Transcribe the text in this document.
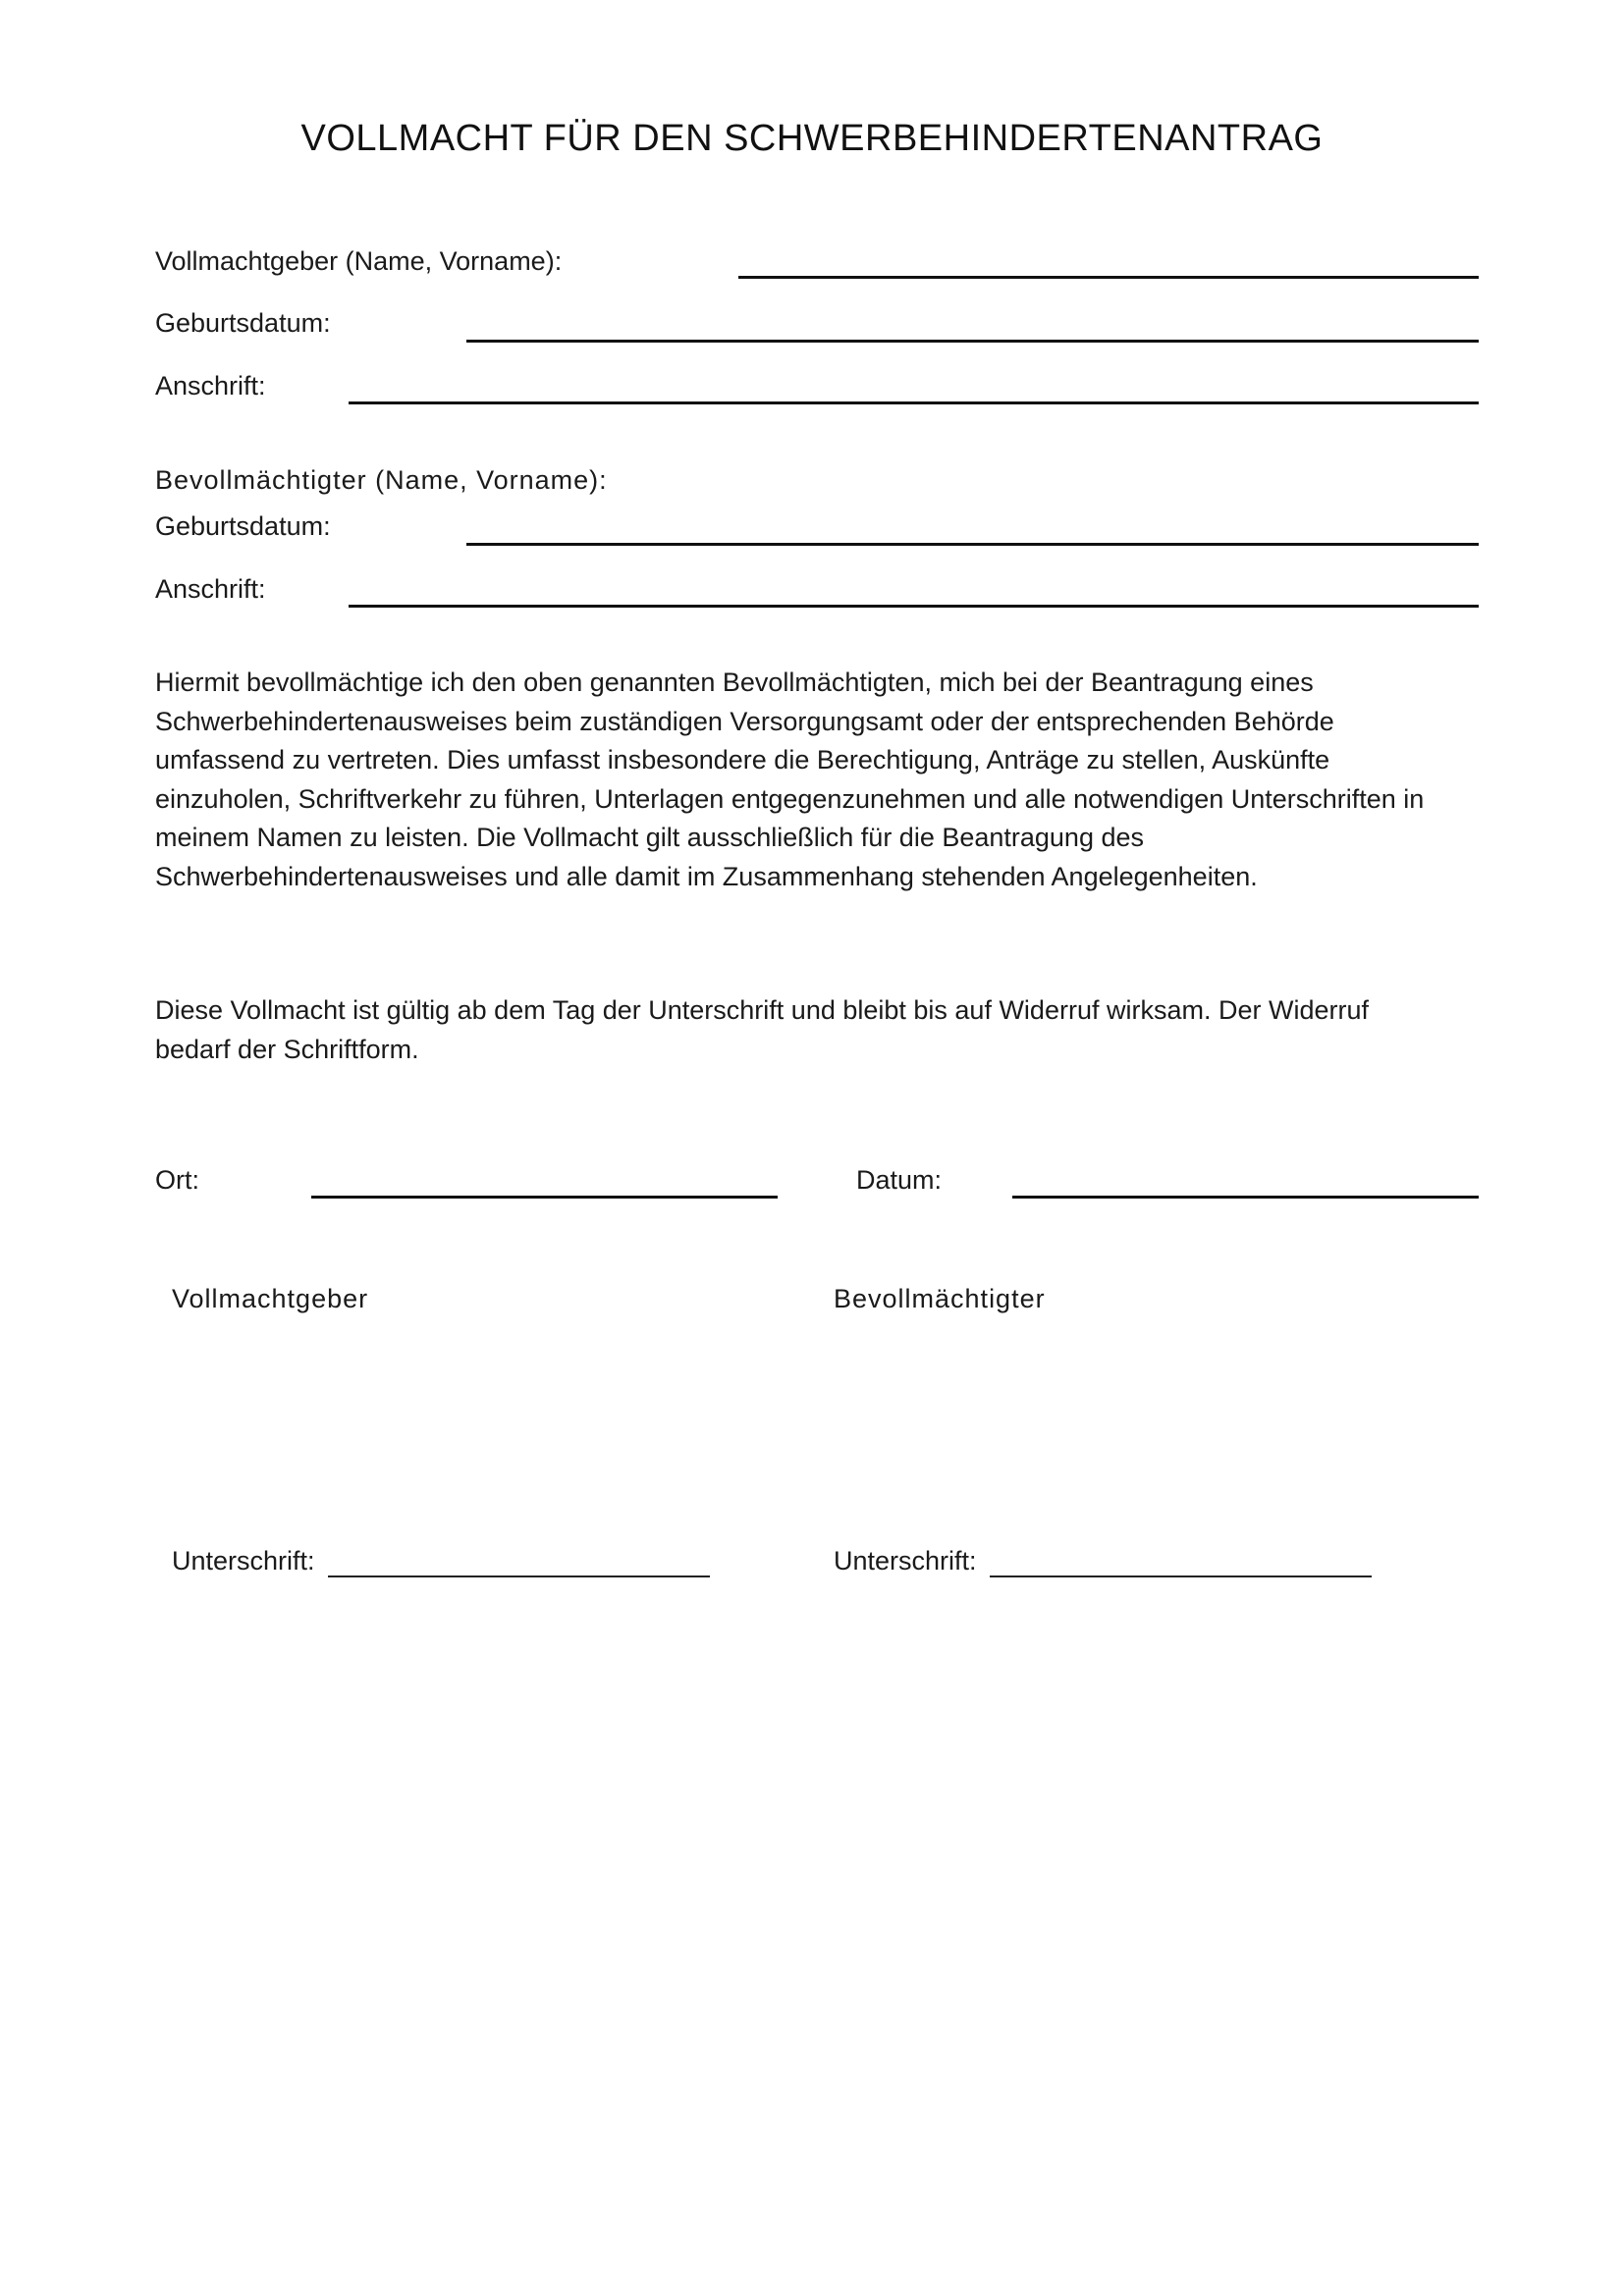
VOLLMACHT FÜR DEN SCHWERBEHINDERTENANTRAG
Vollmachtgeber (Name, Vorname):
Geburtsdatum:
Anschrift:
Bevollmächtigter (Name, Vorname):
Geburtsdatum:
Anschrift:
Hiermit bevollmächtige ich den oben genannten Bevollmächtigten, mich bei der Beantragung eines
Schwerbehindertenausweises beim zuständigen Versorgungsamt oder der entsprechenden Behörde
umfassend zu vertreten. Dies umfasst insbesondere die Berechtigung, Anträge zu stellen, Auskünfte
einzuholen, Schriftverkehr zu führen, Unterlagen entgegenzunehmen und alle notwendigen Unterschriften in
meinem Namen zu leisten. Die Vollmacht gilt ausschließlich für die Beantragung des
Schwerbehindertenausweises und alle damit im Zusammenhang stehenden Angelegenheiten.
Diese Vollmacht ist gültig ab dem Tag der Unterschrift und bleibt bis auf Widerruf wirksam. Der Widerruf
bedarf der Schriftform.
Ort:	Datum:
Vollmachtgeber	Bevollmächtigter
Unterschrift:	Unterschrift:
